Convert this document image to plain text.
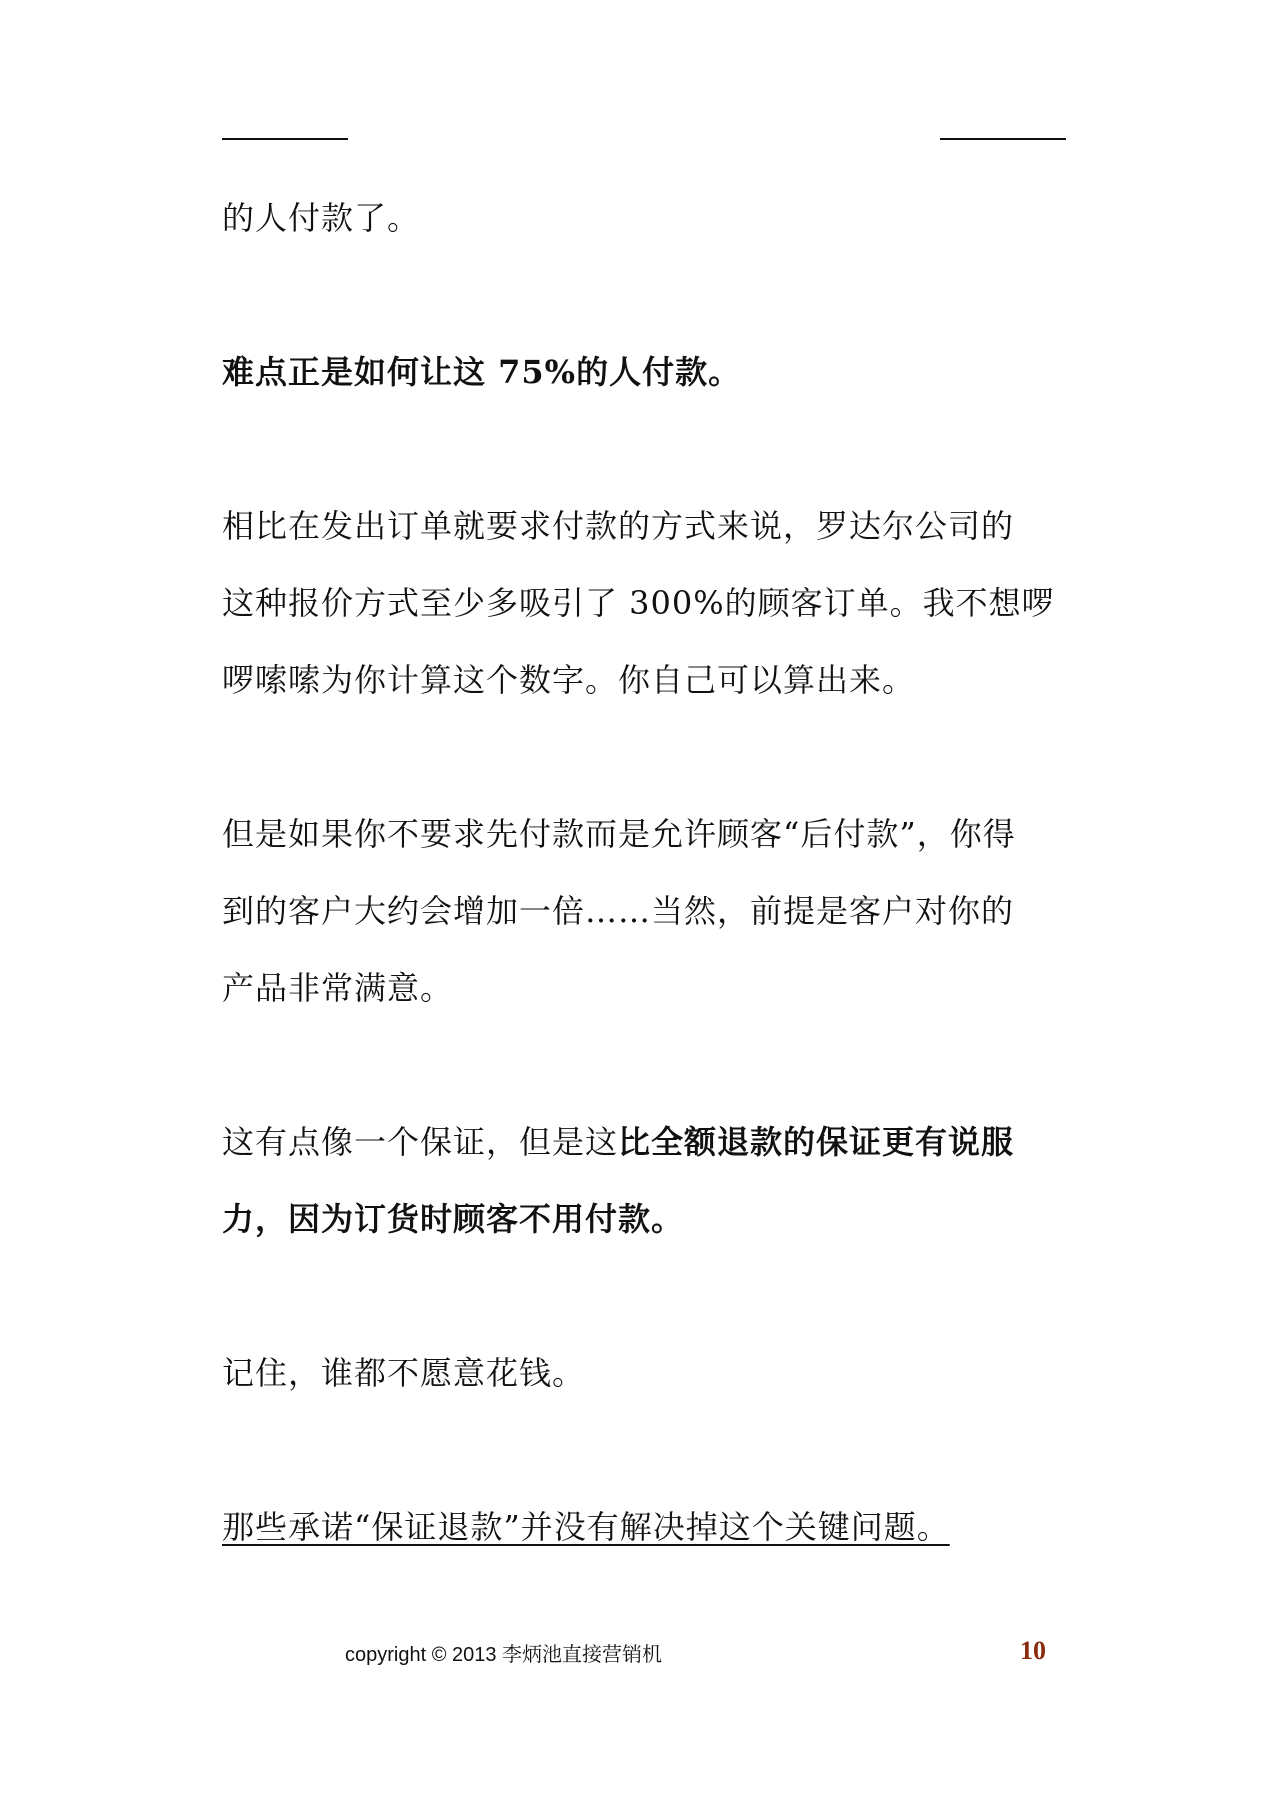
的人付款了。

难点正是如何让这 75%的人付款。

相比在发出订单就要求付款的方式来说，罗达尔公司的
这种报价方式至少多吸引了 300%的顾客订单。我不想啰
啰嗦嗦为你计算这个数字。你自己可以算出来。

但是如果你不要求先付款而是允许顾客“后付款”，你得
到的客户大约会增加一倍……当然，前提是客户对你的
产品非常满意。

这有点像一个保证，但是这比全额退款的保证更有说服
力，因为订货时顾客不用付款。

记住，谁都不愿意花钱。

那些承诺“保证退款”并没有解决掉这个关键问题。

copyright © 2013 李炳池直接营销机	10
